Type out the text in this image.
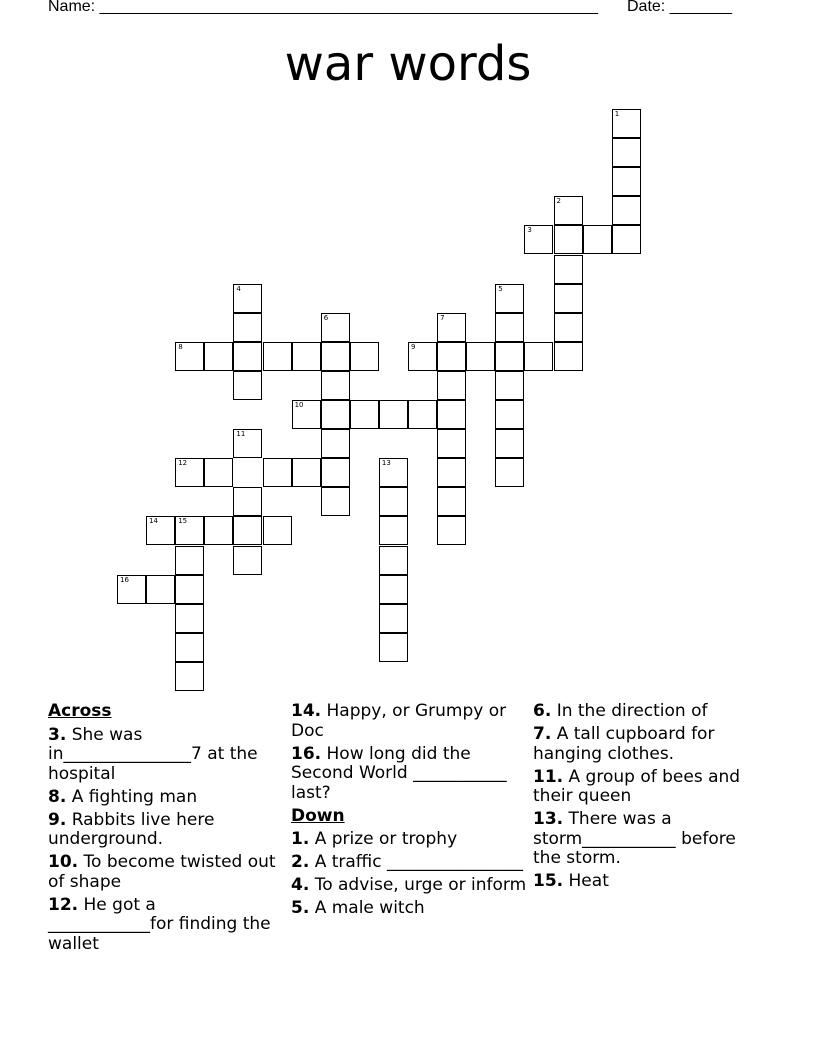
Name: ________________________________________________________ Date: _______
war words
1
3
2
4	5
6	7
8	9
10
11
12	13
14	15
16
Across
3. She was in_______________7 at the hospital
8. A fighting man
9. Rabbits live here underground.
10. To become twisted out of shape
12. He got a ____________for finding the wallet
14. Happy, or Grumpy or Doc
16. How long did the Second World ___________ last?
Down
1. A prize or trophy
2. A traffic ________________
4. To advise, urge or inform
5. A male witch
6. In the direction of
7. A tall cupboard for hanging clothes.
11. A group of bees and their queen
13. There was a storm___________ before the storm.
15. Heat
